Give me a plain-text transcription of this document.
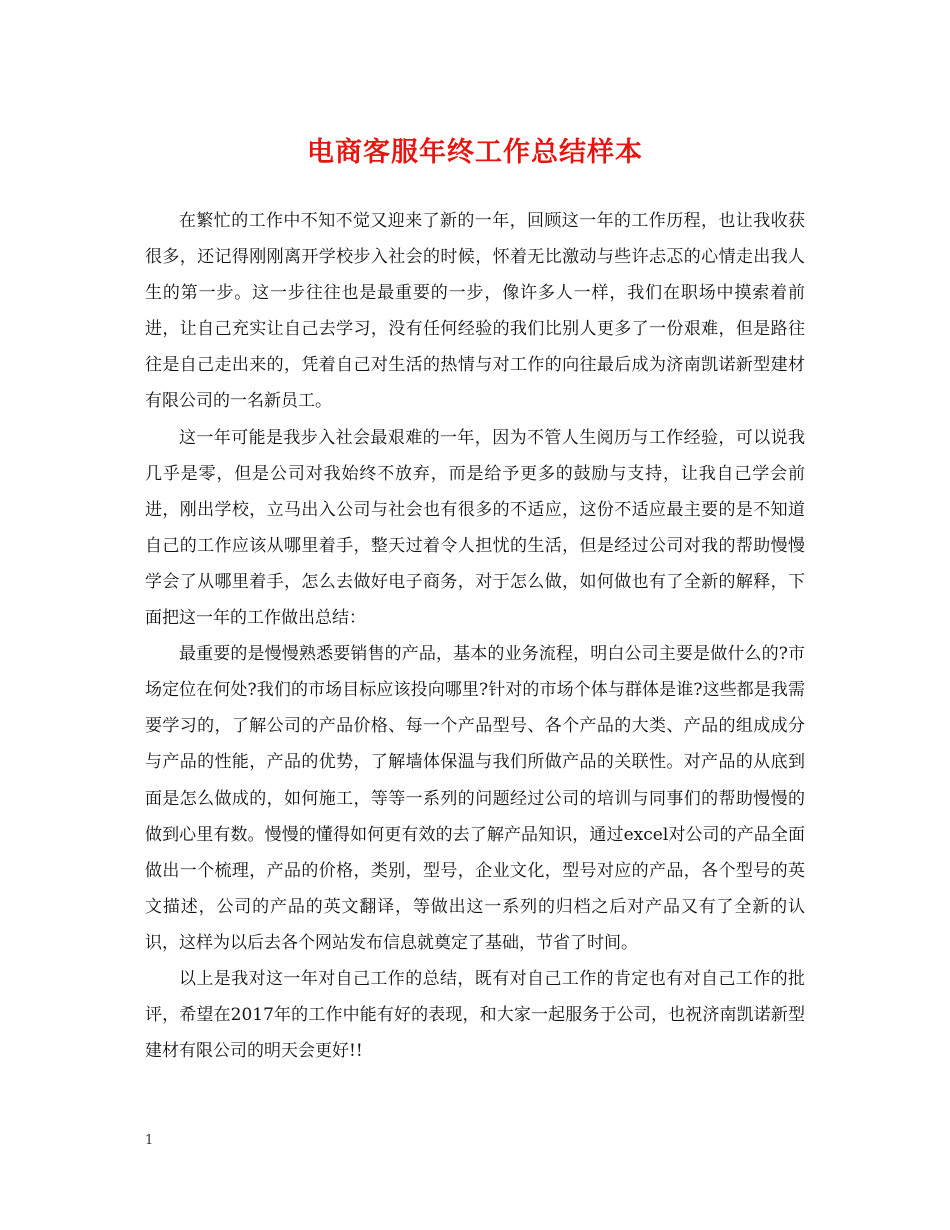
电商客服年终工作总结样本

在繁忙的工作中不知不觉又迎来了新的一年，回顾这一年的工作历程，也让我收获很多，还记得刚刚离开学校步入社会的时候，怀着无比激动与些许忐忑的心情走出我人生的第一步。这一步往往也是最重要的一步，像许多人一样，我们在职场中摸索着前进，让自己充实让自己去学习，没有任何经验的我们比别人更多了一份艰难，但是路往往是自己走出来的，凭着自己对生活的热情与对工作的向往最后成为济南凯诺新型建材有限公司的一名新员工。

这一年可能是我步入社会最艰难的一年，因为不管人生阅历与工作经验，可以说我几乎是零，但是公司对我始终不放弃，而是给予更多的鼓励与支持，让我自己学会前进，刚出学校，立马出入公司与社会也有很多的不适应，这份不适应最主要的是不知道自己的工作应该从哪里着手，整天过着令人担忧的生活，但是经过公司对我的帮助慢慢学会了从哪里着手，怎么去做好电子商务，对于怎么做，如何做也有了全新的解释，下面把这一年的工作做出总结：

最重要的是慢慢熟悉要销售的产品，基本的业务流程，明白公司主要是做什么的?市场定位在何处?我们的市场目标应该投向哪里?针对的市场个体与群体是谁?这些都是我需要学习的，了解公司的产品价格、每一个产品型号、各个产品的大类、产品的组成成分与产品的性能，产品的优势，了解墙体保温与我们所做产品的关联性。对产品的从底到面是怎么做成的，如何施工，等等一系列的问题经过公司的培训与同事们的帮助慢慢的做到心里有数。慢慢的懂得如何更有效的去了解产品知识，通过excel对公司的产品全面做出一个梳理，产品的价格，类别，型号，企业文化，型号对应的产品，各个型号的英文描述，公司的产品的英文翻译，等做出这一系列的归档之后对产品又有了全新的认识，这样为以后去各个网站发布信息就奠定了基础，节省了时间。

以上是我对这一年对自己工作的总结，既有对自己工作的肯定也有对自己工作的批评，希望在2017年的工作中能有好的表现，和大家一起服务于公司，也祝济南凯诺新型建材有限公司的明天会更好!!

1
